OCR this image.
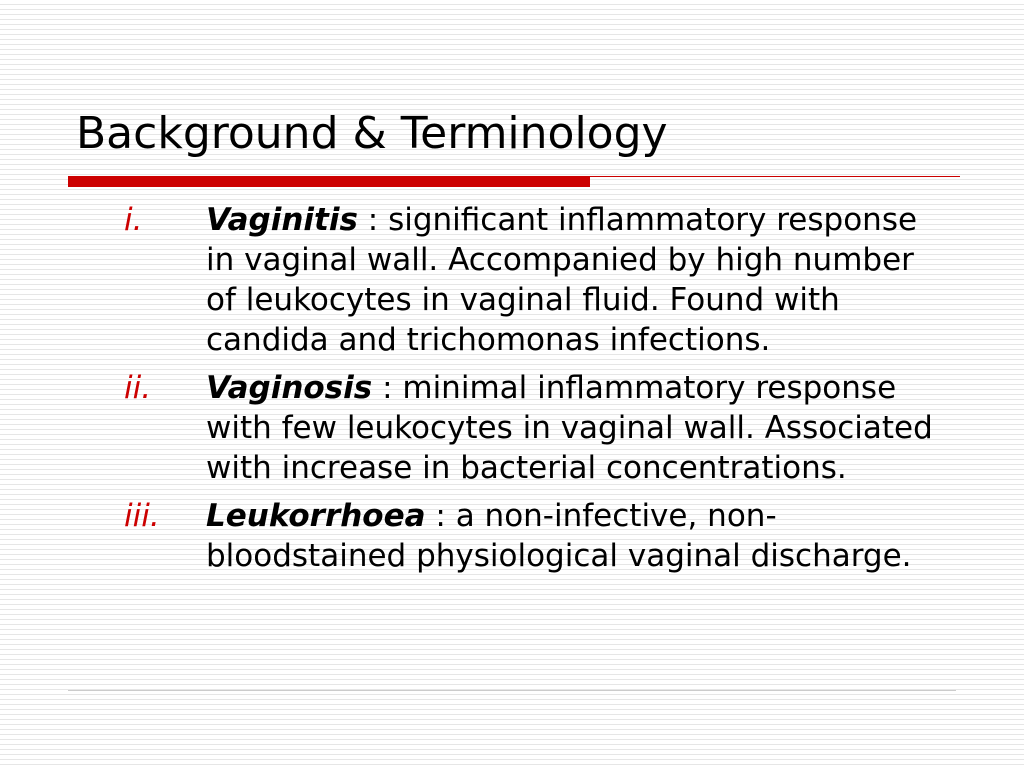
Background & Terminology
i. Vaginitis : significant inflammatory response in vaginal wall. Accompanied by high number of leukocytes in vaginal fluid. Found with candida and trichomonas infections.
ii. Vaginosis : minimal inflammatory response with few leukocytes in vaginal wall. Associated with increase in bacterial concentrations.
iii. Leukorrhoea : a non-infective, non-bloodstained physiological vaginal discharge.
